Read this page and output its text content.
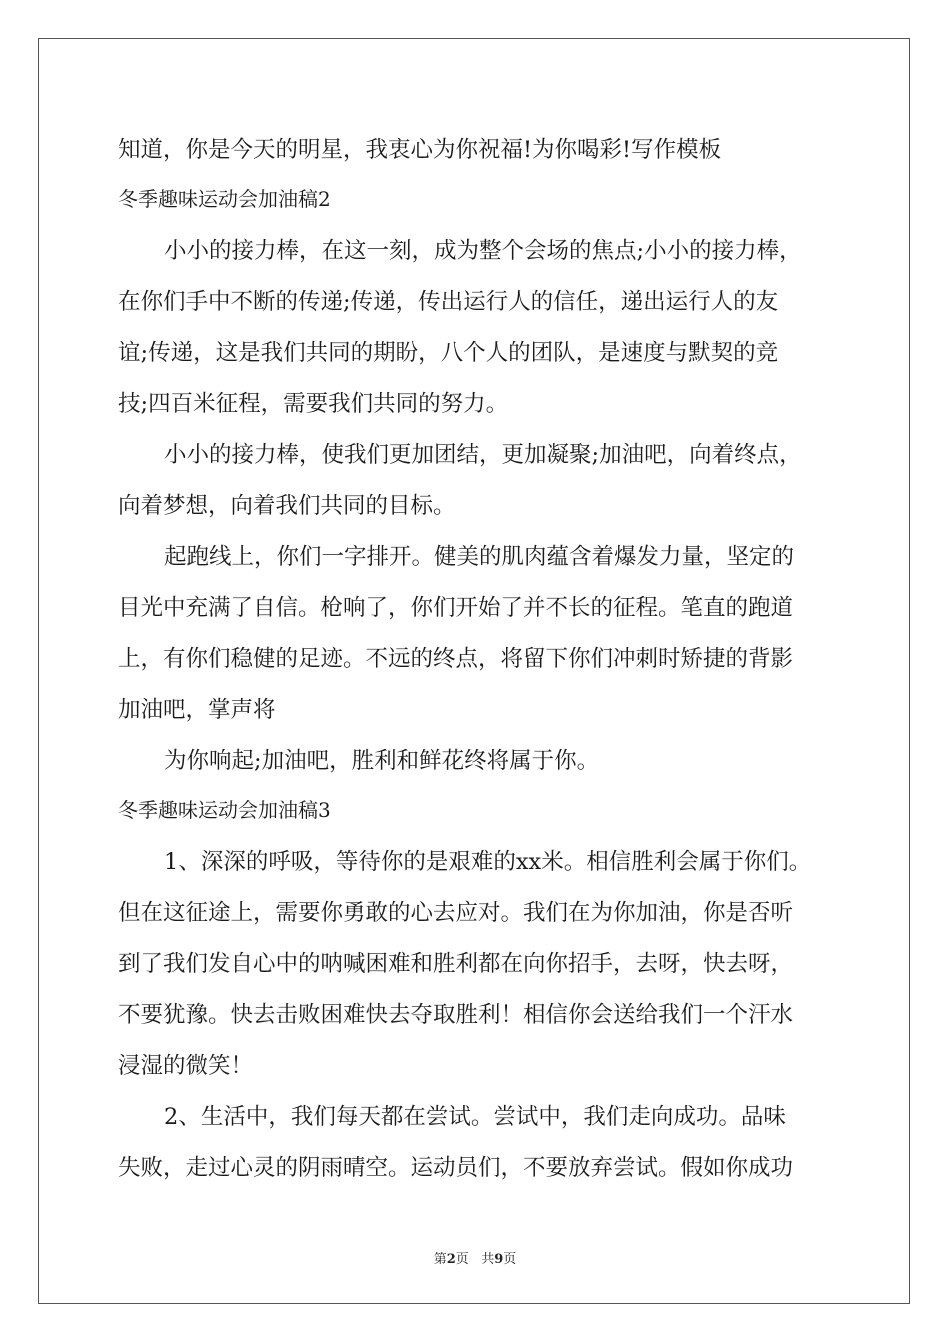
知道，你是今天的明星，我衷心为你祝福!为你喝彩!写作模板
冬季趣味运动会加油稿2
小小的接力棒，在这一刻，成为整个会场的焦点;小小的接力棒，
在你们手中不断的传递;传递，传出运行人的信任，递出运行人的友
谊;传递，这是我们共同的期盼，八个人的团队，是速度与默契的竞
技;四百米征程，需要我们共同的努力。
小小的接力棒，使我们更加团结，更加凝聚;加油吧，向着终点，
向着梦想，向着我们共同的目标。
起跑线上，你们一字排开。健美的肌肉蕴含着爆发力量，坚定的
目光中充满了自信。枪响了，你们开始了并不长的征程。笔直的跑道
上，有你们稳健的足迹。不远的终点，将留下你们冲刺时矫捷的背影
加油吧，掌声将
为你响起;加油吧，胜利和鲜花终将属于你。
冬季趣味运动会加油稿3
1、深深的呼吸，等待你的是艰难的xx米。相信胜利会属于你们。
但在这征途上，需要你勇敢的心去应对。我们在为你加油，你是否听
到了我们发自心中的呐喊困难和胜利都在向你招手，去呀，快去呀，
不要犹豫。快去击败困难快去夺取胜利！相信你会送给我们一个汗水
浸湿的微笑！
2、生活中，我们每天都在尝试。尝试中，我们走向成功。品味
失败，走过心灵的阴雨晴空。运动员们，不要放弃尝试。假如你成功
第2页   共9页
